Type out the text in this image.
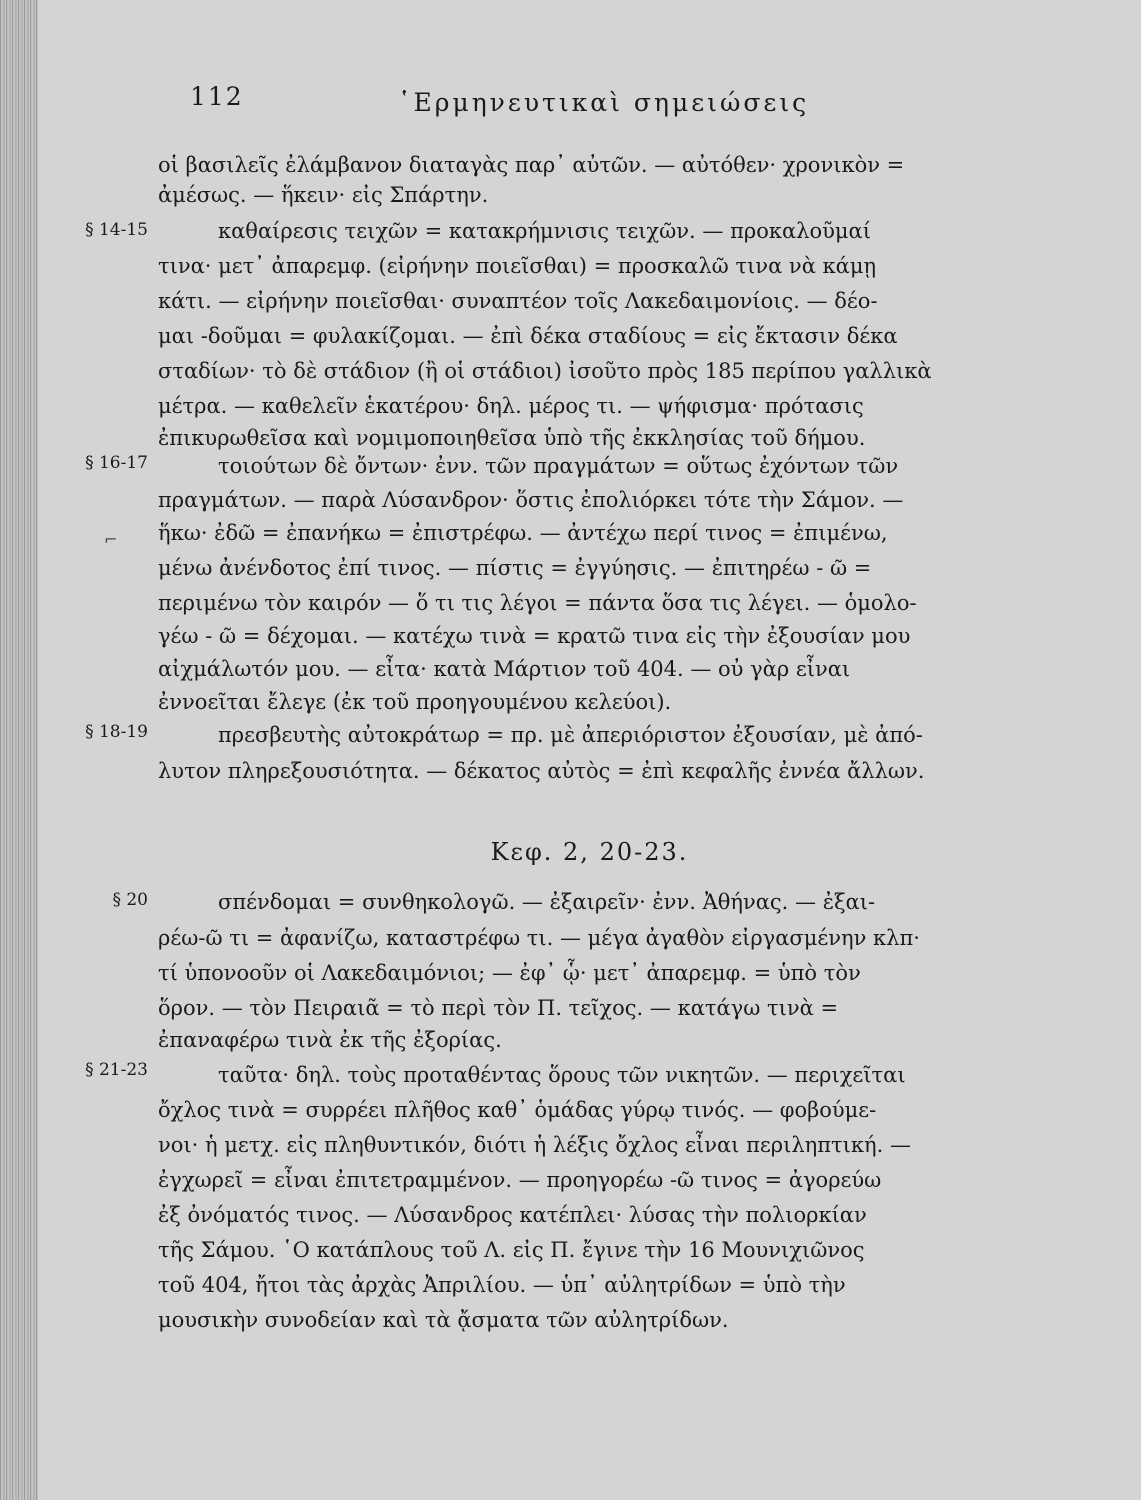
112	῾Ερμηνευτικαὶ σημειώσεις
§ 14-15
§ 16-17
§ 18-19
§ 20
§ 21-23
⌐
οἱ βασιλεῖς ἐλάμβανον διαταγὰς παρ᾽ αὐτῶν. — αὐτόθεν· χρονικὸν =
ἀμέσως. — ἥκειν· εἰς Σπάρτην.
καθαίρεσις τειχῶν = κατακρήμνισις τειχῶν. — προκαλοῦμαί
τινα· μετ᾽ ἀπαρεμφ. (εἰρήνην ποιεῖσθαι) = προσκαλῶ τινα νὰ κάμῃ
κάτι. — εἰρήνην ποιεῖσθαι· συναπτέον τοῖς Λακεδαιμονίοις. — δέο-
μαι -δοῦμαι = φυλακίζομαι. — ἐπὶ δέκα σταδίους = εἰς ἔκτασιν δέκα
σταδίων· τὸ δὲ στάδιον (ἢ οἱ στάδιοι) ἰσοῦτο πρὸς 185 περίπου γαλλικὰ
μέτρα. — καθελεῖν ἑκατέρου· δηλ. μέρος τι. — ψήφισμα· πρότασις
ἐπικυρωθεῖσα καὶ νομιμοποιηθεῖσα ὑπὸ τῆς ἐκκλησίας τοῦ δήμου.
τοιούτων δὲ ὄντων· ἐνν. τῶν πραγμάτων = οὕτως ἐχόντων τῶν
πραγμάτων. — παρὰ Λύσανδρον· ὅστις ἐπολιόρκει τότε τὴν Σάμον. —
ἥκω· ἐδῶ = ἐπανήκω = ἐπιστρέφω. — ἀντέχω περί τινος = ἐπιμένω,
μένω ἀνένδοτος ἐπί τινος. — πίστις = ἐγγύησις. — ἐπιτηρέω - ῶ =
περιμένω τὸν καιρόν — ὅ τι τις λέγοι = πάντα ὅσα τις λέγει. — ὁμολο-
γέω - ῶ = δέχομαι. — κατέχω τινὰ = κρατῶ τινα εἰς τὴν ἐξουσίαν μου
αἰχμάλωτόν μου. — εἶτα· κατὰ Μάρτιον τοῦ 404. — οὐ γὰρ εἶναι
ἐννοεῖται ἔλεγε (ἐκ τοῦ προηγουμένου κελεύοι).
πρεσβευτὴς αὐτοκράτωρ = πρ. μὲ ἀπεριόριστον ἐξουσίαν, μὲ ἀπό-
λυτον πληρεξουσιότητα. — δέκατος αὐτὸς = ἐπὶ κεφαλῆς ἐννέα ἄλλων.
Κεφ. 2, 20-23.
σπένδομαι = συνθηκολογῶ. — ἐξαιρεῖν· ἐνν. Ἀθήνας. — ἐξαι-
ρέω-ῶ τι = ἀφανίζω, καταστρέφω τι. — μέγα ἀγαθὸν εἰργασμένην κλπ·
τί ὑπονοοῦν οἱ Λακεδαιμόνιοι; — ἐφ᾽ ᾧ· μετ᾽ ἀπαρεμφ. = ὑπὸ τὸν
ὅρον. — τὸν Πειραιᾶ = τὸ περὶ τὸν Π. τεῖχος. — κατάγω τινὰ =
ἐπαναφέρω τινὰ ἐκ τῆς ἐξορίας.
ταῦτα· δηλ. τοὺς προταθέντας ὅρους τῶν νικητῶν. — περιχεῖται
ὄχλος τινὰ = συρρέει πλῆθος καθ᾽ ὁμάδας γύρῳ τινός. — φοβούμε-
νοι· ἡ μετχ. εἰς πληθυντικόν, διότι ἡ λέξις ὄχλος εἶναι περιληπτική. —
ἐγχωρεῖ = εἶναι ἐπιτετραμμένον. — προηγορέω -ῶ τινος = ἀγορεύω
ἐξ ὀνόματός τινος. — Λύσανδρος κατέπλει· λύσας τὴν πολιορκίαν
τῆς Σάμου. ῾Ο κατάπλους τοῦ Λ. εἰς Π. ἔγινε τὴν 16 Μουνιχιῶνος
τοῦ 404, ἤτοι τὰς ἀρχὰς Ἀπριλίου. — ὑπ᾽ αὐλητρίδων = ὑπὸ τὴν
μουσικὴν συνοδείαν καὶ τὰ ᾄσματα τῶν αὐλητρίδων.
